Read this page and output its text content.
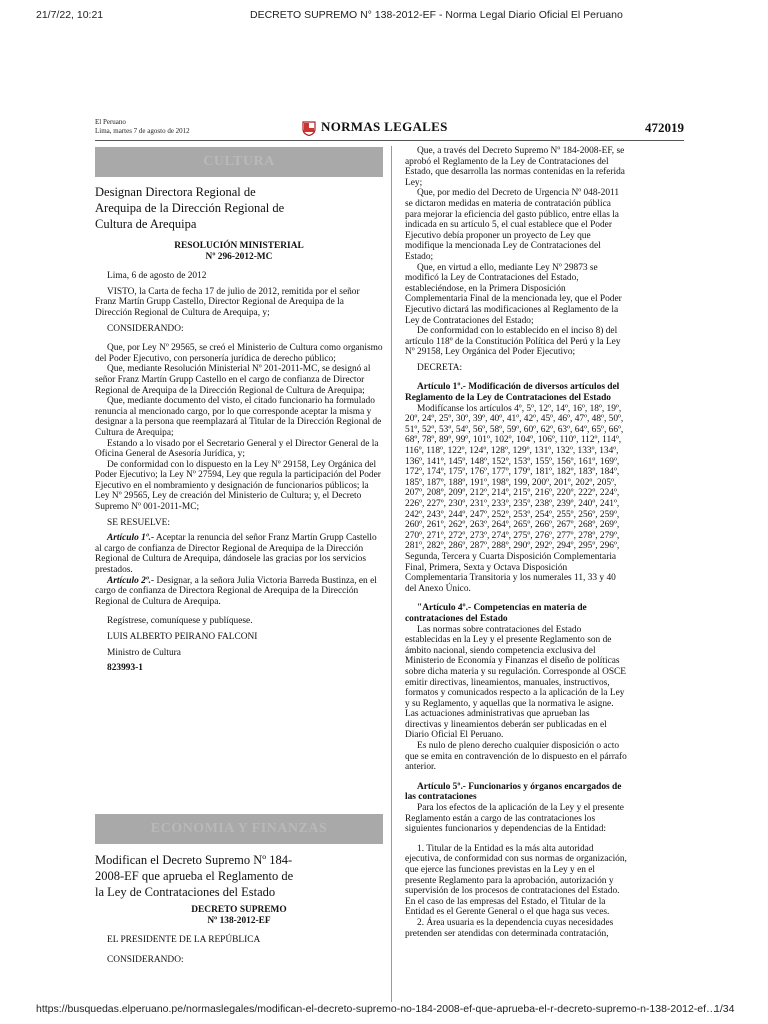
21/7/22, 10:21	DECRETO SUPREMO N° 138-2012-EF - Norma Legal Diario Oficial El Peruano
El Peruano
Lima, martes 7 de agosto de 2012	NORMAS LEGALES	472019
CULTURA

Designan Directora Regional de Arequipa de la Dirección Regional de Cultura de Arequipa

RESOLUCIÓN MINISTERIAL

Nº 296-2012-MC

Lima, 6 de agosto de 2012

VISTO, la Carta de fecha 17 de julio de 2012, remitida por el señor Franz Martín Grupp Castello, Director Regional de Arequipa de la Dirección Regional de Cultura de Arequipa, y;

CONSIDERANDO:

Que, por Ley Nº 29565, se creó el Ministerio de Cultura como organismo del Poder Ejecutivo, con personería jurídica de derecho público;

Que, mediante Resolución Ministerial Nº 201-2011-MC, se designó al señor Franz Martín Grupp Castello en el cargo de confianza de Director Regional de Arequipa de la Dirección Regional de Cultura de Arequipa;

Que, mediante documento del visto, el citado funcionario ha formulado renuncia al mencionado cargo, por lo que corresponde aceptar la misma y designar a la persona que reemplazará al Titular de la Dirección Regional de Cultura de Arequipa;

Estando a lo visado por el Secretario General y el Director General de la Oficina General de Asesoría Jurídica, y;

De conformidad con lo dispuesto en la Ley Nº 29158, Ley Orgánica del Poder Ejecutivo; la Ley Nº 27594, Ley que regula la participación del Poder Ejecutivo en el nombramiento y designación de funcionarios públicos; la Ley Nº 29565, Ley de creación del Ministerio de Cultura; y, el Decreto Supremo Nº 001-2011-MC;

SE RESUELVE:

Artículo 1º.- Aceptar la renuncia del señor Franz Martín Grupp Castello al cargo de confianza de Director Regional de Arequipa de la Dirección Regional de Cultura de Arequipa, dándosele las gracias por los servicios prestados.

Artículo 2º.- Designar, a la señora Julia Victoria Barreda Bustinza, en el cargo de confianza de Directora Regional de Arequipa de la Dirección Regional de Cultura de Arequipa.

Regístrese, comuníquese y publíquese.

LUIS ALBERTO PEIRANO FALCONI

Ministro de Cultura

823993-1

ECONOMIA Y FINANZAS

Modifican el Decreto Supremo Nº 184-2008-EF que aprueba el Reglamento de la Ley de Contrataciones del Estado

DECRETO SUPREMO

Nº 138-2012-EF

EL PRESIDENTE DE LA REPÚBLICA

CONSIDERANDO:

Que, a través del Decreto Supremo Nº 184-2008-EF, se aprobó el Reglamento de la Ley de Contrataciones del Estado, que desarrolla las normas contenidas en la referida Ley;

Que, por medio del Decreto de Urgencia Nº 048-2011 se dictaron medidas en materia de contratación pública para mejorar la eficiencia del gasto público, entre ellas la indicada en su artículo 5, el cual establece que el Poder Ejecutivo debía proponer un proyecto de Ley que modifique la mencionada Ley de Contrataciones del Estado;

Que, en virtud a ello, mediante Ley Nº 29873 se modificó la Ley de Contrataciones del Estado, estableciéndose, en la Primera Disposición Complementaria Final de la mencionada ley, que el Poder Ejecutivo dictará las modificaciones al Reglamento de la Ley de Contrataciones del Estado;

De conformidad con lo establecido en el inciso 8) del artículo 118º de la Constitución Política del Perú y la Ley Nº 29158, Ley Orgánica del Poder Ejecutivo;

DECRETA:

Artículo 1º.- Modificación de diversos artículos del Reglamento de la Ley de Contrataciones del Estado

Modifícanse los artículos 4º, 5º, 12º, 14º, 16º, 18º, 19º, 20º, 24º, 25º, 30º, 39º, 40º, 41º, 42º, 45º, 46º, 47º, 48º, 50º, 51º, 52º, 53º, 54º, 56º, 58º, 59º, 60º, 62º, 63º, 64º, 65º, 66º, 68º, 78º, 89º, 99º, 101º, 102º, 104º, 106º, 110º, 112º, 114º, 116º, 118º, 122º, 124º, 128º, 129º, 131º, 132º, 133º, 134º, 136º, 141º, 145º, 148º, 152º, 153º, 155º, 156º, 161º, 169º, 172º, 174º, 175º, 176º, 177º, 179º, 181º, 182º, 183º, 184º, 185º, 187º, 188º, 191º, 198º, 199, 200º, 201º, 202º, 205º, 207º, 208º, 209º, 212º, 214º, 215º, 216º, 220º, 222º, 224º, 226º, 227º, 230º, 231º, 233º, 235º, 238º, 239º, 240º, 241º, 242º, 243º, 244º, 247º, 252º, 253º, 254º, 255º, 256º, 259º, 260º, 261º, 262º, 263º, 264º, 265º, 266º, 267º, 268º, 269º, 270º, 271º, 272º, 273º, 274º, 275º, 276º, 277º, 278º, 279º, 281º, 282º, 286º, 287º, 288º, 290º, 292º, 294º, 295º, 296º, Segunda, Tercera y Cuarta Disposición Complementaria Final, Primera, Sexta y Octava Disposición Complementaria Transitoria y los numerales 11, 33 y 40 del Anexo Único.

"Artículo 4º.- Competencias en materia de contrataciones del Estado

Las normas sobre contrataciones del Estado establecidas en la Ley y el presente Reglamento son de ámbito nacional, siendo competencia exclusiva del Ministerio de Economía y Finanzas el diseño de políticas sobre dicha materia y su regulación. Corresponde al OSCE emitir directivas, lineamientos, manuales, instructivos, formatos y comunicados respecto a la aplicación de la Ley y su Reglamento, y aquellas que la normativa le asigne. Las actuaciones administrativas que aprueban las directivas y lineamientos deberán ser publicadas en el Diario Oficial El Peruano.

Es nulo de pleno derecho cualquier disposición o acto que se emita en contravención de lo dispuesto en el párrafo anterior.

Artículo 5º.- Funcionarios y órganos encargados de las contrataciones

Para los efectos de la aplicación de la Ley y el presente Reglamento están a cargo de las contrataciones los siguientes funcionarios y dependencias de la Entidad:

1. Titular de la Entidad es la más alta autoridad ejecutiva, de conformidad con sus normas de organización, que ejerce las funciones previstas en la Ley y en el presente Reglamento para la aprobación, autorización y supervisión de los procesos de contrataciones del Estado. En el caso de las empresas del Estado, el Titular de la Entidad es el Gerente General o el que haga sus veces.

2. Área usuaria es la dependencia cuyas necesidades pretenden ser atendidas con determinada contratación,

https://busquedas.elperuano.pe/normaslegales/modifican-el-decreto-supremo-no-184-2008-ef-que-aprueba-el-r-decreto-supremo-n-138-2012-ef…
1/34
